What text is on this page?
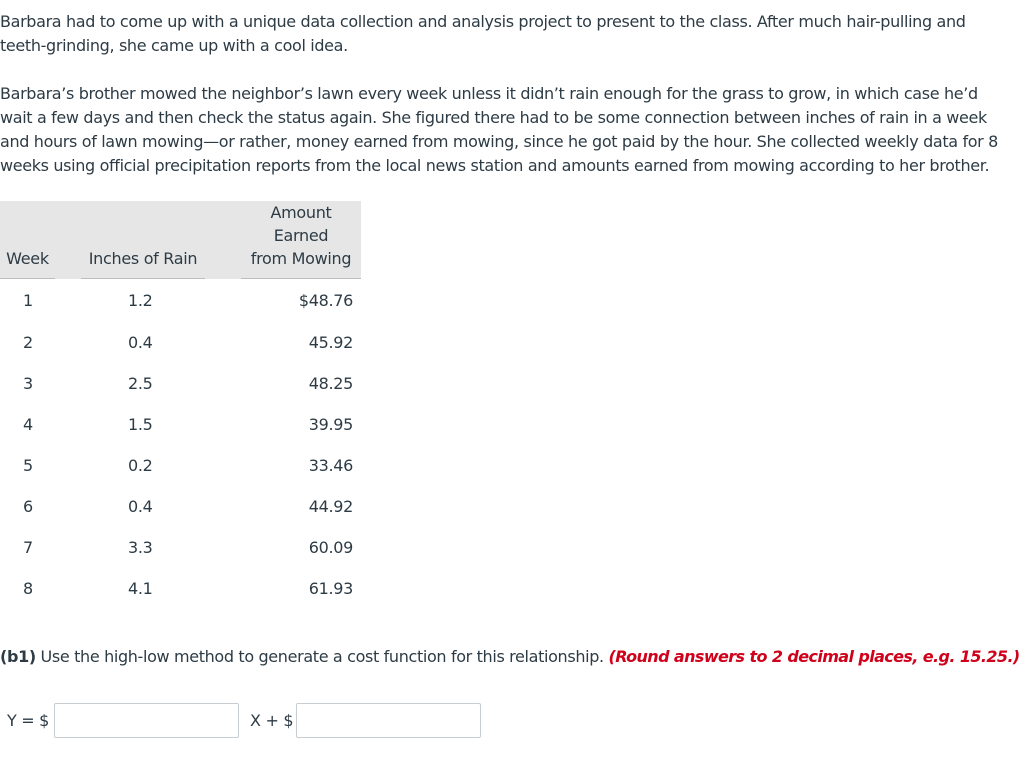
Barbara had to come up with a unique data collection and analysis project to present to the class. After much hair-pulling and teeth-grinding, she came up with a cool idea.

Barbara’s brother mowed the neighbor’s lawn every week unless it didn’t rain enough for the grass to grow, in which case he’d wait a few days and then check the status again. She figured there had to be some connection between inches of rain in a week and hours of lawn mowing—or rather, money earned from mowing, since he got paid by the hour. She collected weekly data for 8 weeks using official precipitation reports from the local news station and amounts earned from mowing according to her brother.

Week	Inches of Rain	Amount Earned
from Mowing

1	1.2	$48.76
2	0.4	45.92
3	2.5	48.25
4	1.5	39.95
5	0.2	33.46
6	0.4	44.92
7	3.3	60.09
8	4.1	61.93
(b1) Use the high-low method to generate a cost function for this relationship. (Round answers to 2 decimal places, e.g. 15.25.)
Y = $	X + $
